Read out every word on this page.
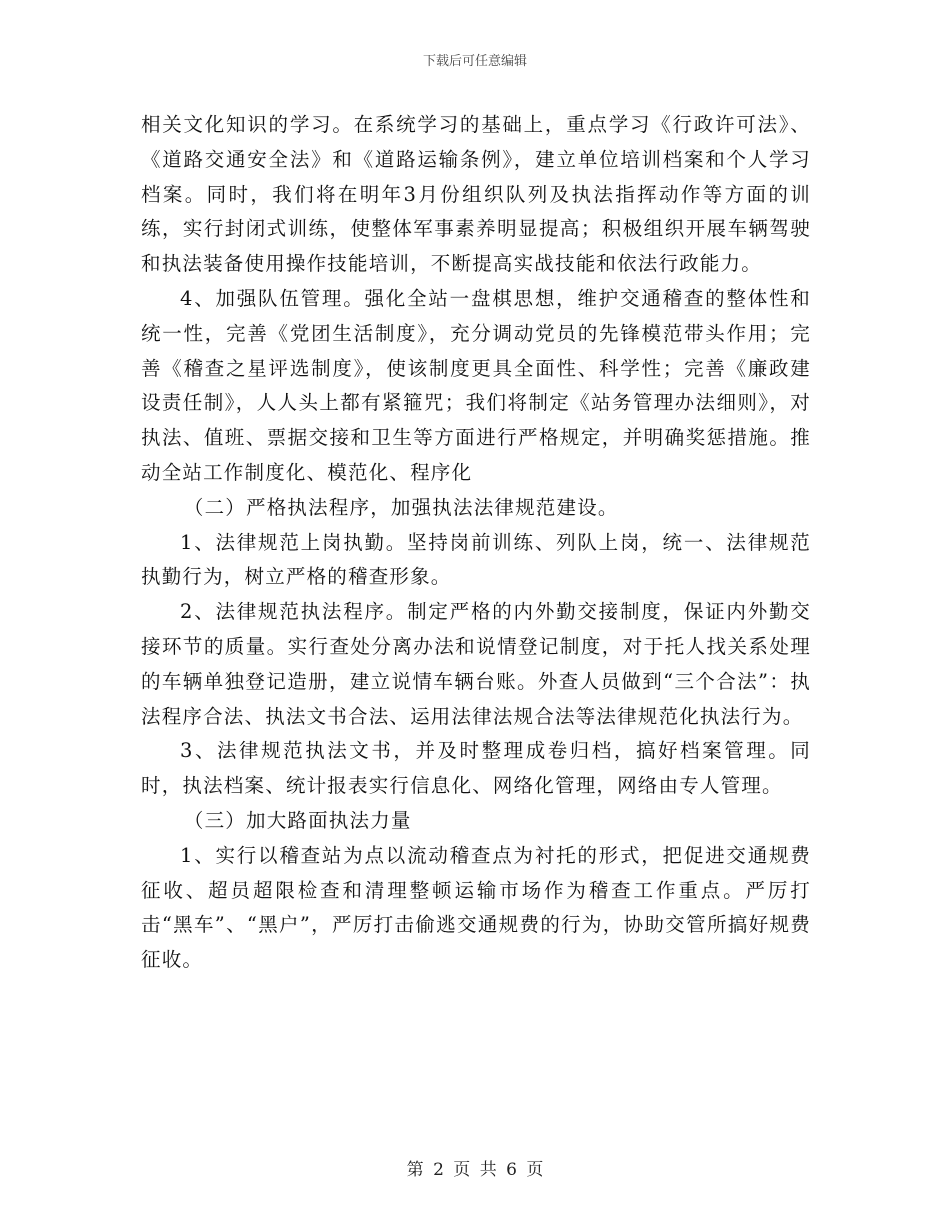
下载后可任意编辑

相关文化知识的学习。在系统学习的基础上，重点学习《行政许可法》、《道路交通安全法》和《道路运输条例》，建立单位培训档案和个人学习档案。同时，我们将在明年3月份组织队列及执法指挥动作等方面的训练，实行封闭式训练，使整体军事素养明显提高；积极组织开展车辆驾驶和执法装备使用操作技能培训，不断提高实战技能和依法行政能力。

4、加强队伍管理。强化全站一盘棋思想，维护交通稽查的整体性和统一性，完善《党团生活制度》，充分调动党员的先锋模范带头作用；完善《稽查之星评选制度》，使该制度更具全面性、科学性；完善《廉政建设责任制》，人人头上都有紧箍咒；我们将制定《站务管理办法细则》，对执法、值班、票据交接和卫生等方面进行严格规定，并明确奖惩措施。推动全站工作制度化、模范化、程序化

（二）严格执法程序，加强执法法律规范建设。

1、法律规范上岗执勤。坚持岗前训练、列队上岗，统一、法律规范执勤行为，树立严格的稽查形象。

2、法律规范执法程序。制定严格的内外勤交接制度，保证内外勤交接环节的质量。实行查处分离办法和说情登记制度，对于托人找关系处理的车辆单独登记造册，建立说情车辆台账。外查人员做到“三个合法”：执法程序合法、执法文书合法、运用法律法规合法等法律规范化执法行为。

3、法律规范执法文书，并及时整理成卷归档，搞好档案管理。同时，执法档案、统计报表实行信息化、网络化管理，网络由专人管理。

（三）加大路面执法力量

1、实行以稽查站为点以流动稽查点为衬托的形式，把促进交通规费征收、超员超限检查和清理整顿运输市场作为稽查工作重点。严厉打击“黑车”、“黑户”，严厉打击偷逃交通规费的行为，协助交管所搞好规费征收。

第 2 页 共 6 页
